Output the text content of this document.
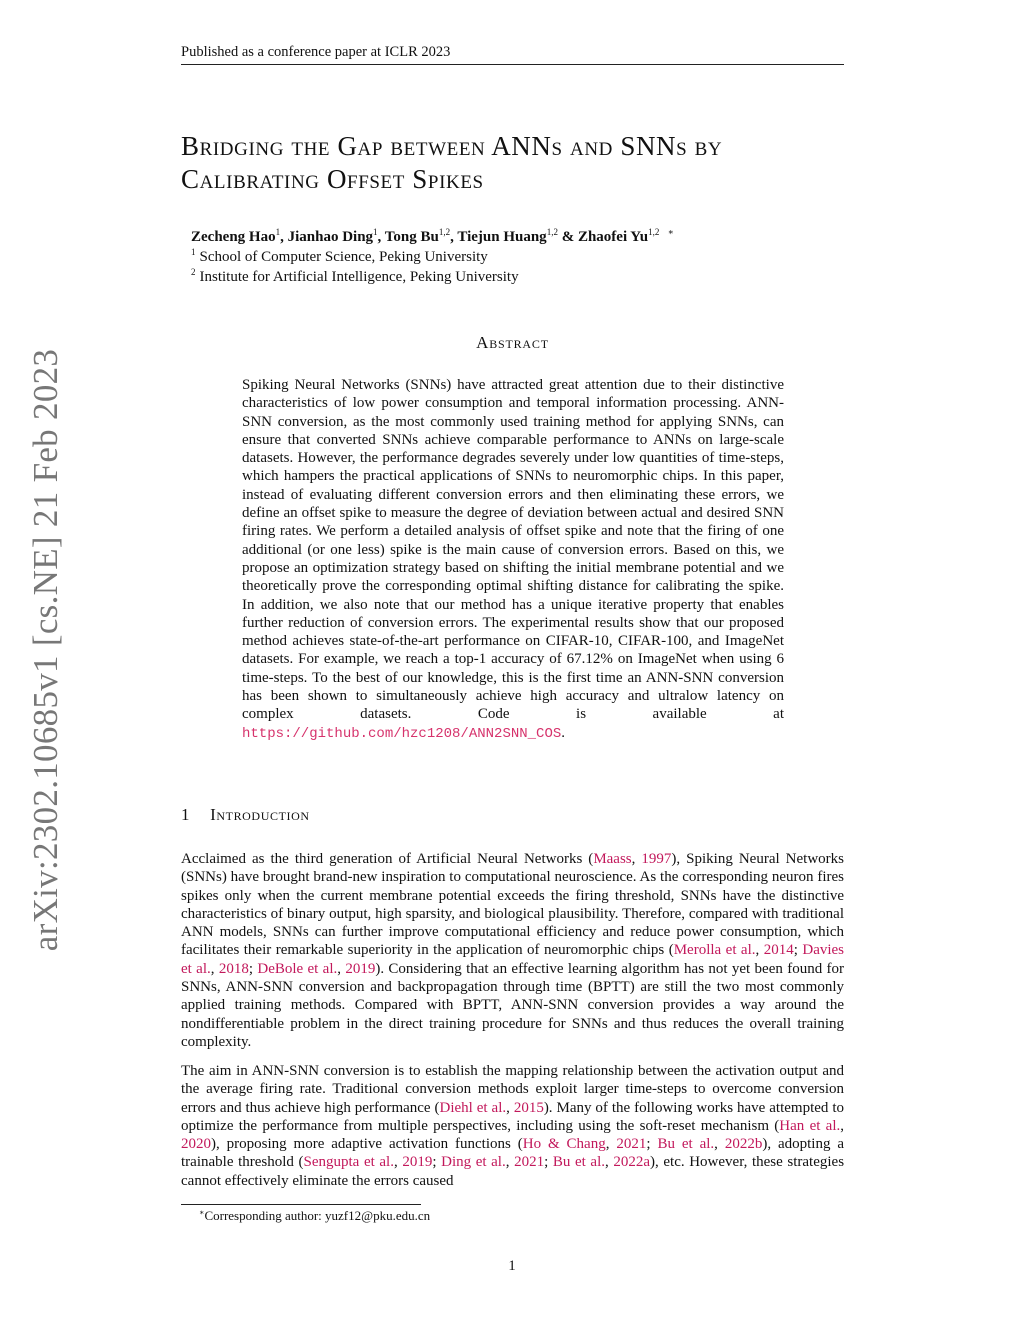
Published as a conference paper at ICLR 2023
Bridging the Gap between ANNs and SNNs by Calibrating Offset Spikes
Zecheng Hao$^1$, Jianhao Ding$^1$, Tong Bu$^{1,2}$, Tiejun Huang$^{1,2}$ & Zhaofei Yu$^{1,2}$ ∗
$^1$ School of Computer Science, Peking University
$^2$ Institute for Artificial Intelligence, Peking University
Abstract
Spiking Neural Networks (SNNs) have attracted great attention due to their distinctive characteristics of low power consumption and temporal information processing. ANN-SNN conversion, as the most commonly used training method for applying SNNs, can ensure that converted SNNs achieve comparable performance to ANNs on large-scale datasets. However, the performance degrades severely under low quantities of time-steps, which hampers the practical applications of SNNs to neuromorphic chips. In this paper, instead of evaluating different conversion errors and then eliminating these errors, we define an offset spike to measure the degree of deviation between actual and desired SNN firing rates. We perform a detailed analysis of offset spike and note that the firing of one additional (or one less) spike is the main cause of conversion errors. Based on this, we propose an optimization strategy based on shifting the initial membrane potential and we theoretically prove the corresponding optimal shifting distance for calibrating the spike. In addition, we also note that our method has a unique iterative property that enables further reduction of conversion errors. The experimental results show that our proposed method achieves state-of-the-art performance on CIFAR-10, CIFAR-100, and ImageNet datasets. For example, we reach a top-1 accuracy of 67.12% on ImageNet when using 6 time-steps. To the best of our knowledge, this is the first time an ANN-SNN conversion has been shown to simultaneously achieve high accuracy and ultralow latency on complex datasets. Code is available at https://github.com/hzc1208/ANN2SNN_COS.
1 Introduction
Acclaimed as the third generation of Artificial Neural Networks (Maass, 1997), Spiking Neural Networks (SNNs) have brought brand-new inspiration to computational neuroscience. As the corresponding neuron fires spikes only when the current membrane potential exceeds the firing threshold, SNNs have the distinctive characteristics of binary output, high sparsity, and biological plausibility. Therefore, compared with traditional ANN models, SNNs can further improve computational efficiency and reduce power consumption, which facilitates their remarkable superiority in the application of neuromorphic chips (Merolla et al., 2014; Davies et al., 2018; DeBole et al., 2019). Considering that an effective learning algorithm has not yet been found for SNNs, ANN-SNN conversion and backpropagation through time (BPTT) are still the two most commonly applied training methods. Compared with BPTT, ANN-SNN conversion provides a way around the nondifferentiable problem in the direct training procedure for SNNs and thus reduces the overall training complexity.
The aim in ANN-SNN conversion is to establish the mapping relationship between the activation output and the average firing rate. Traditional conversion methods exploit larger time-steps to overcome conversion errors and thus achieve high performance (Diehl et al., 2015). Many of the following works have attempted to optimize the performance from multiple perspectives, including using the soft-reset mechanism (Han et al., 2020), proposing more adaptive activation functions (Ho & Chang, 2021; Bu et al., 2022b), adopting a trainable threshold (Sengupta et al., 2019; Ding et al., 2021; Bu et al., 2022a), etc. However, these strategies cannot effectively eliminate the errors caused
∗Corresponding author: yuzf12@pku.edu.cn
1
arXiv:2302.10685v1 [cs.NE] 21 Feb 2023
